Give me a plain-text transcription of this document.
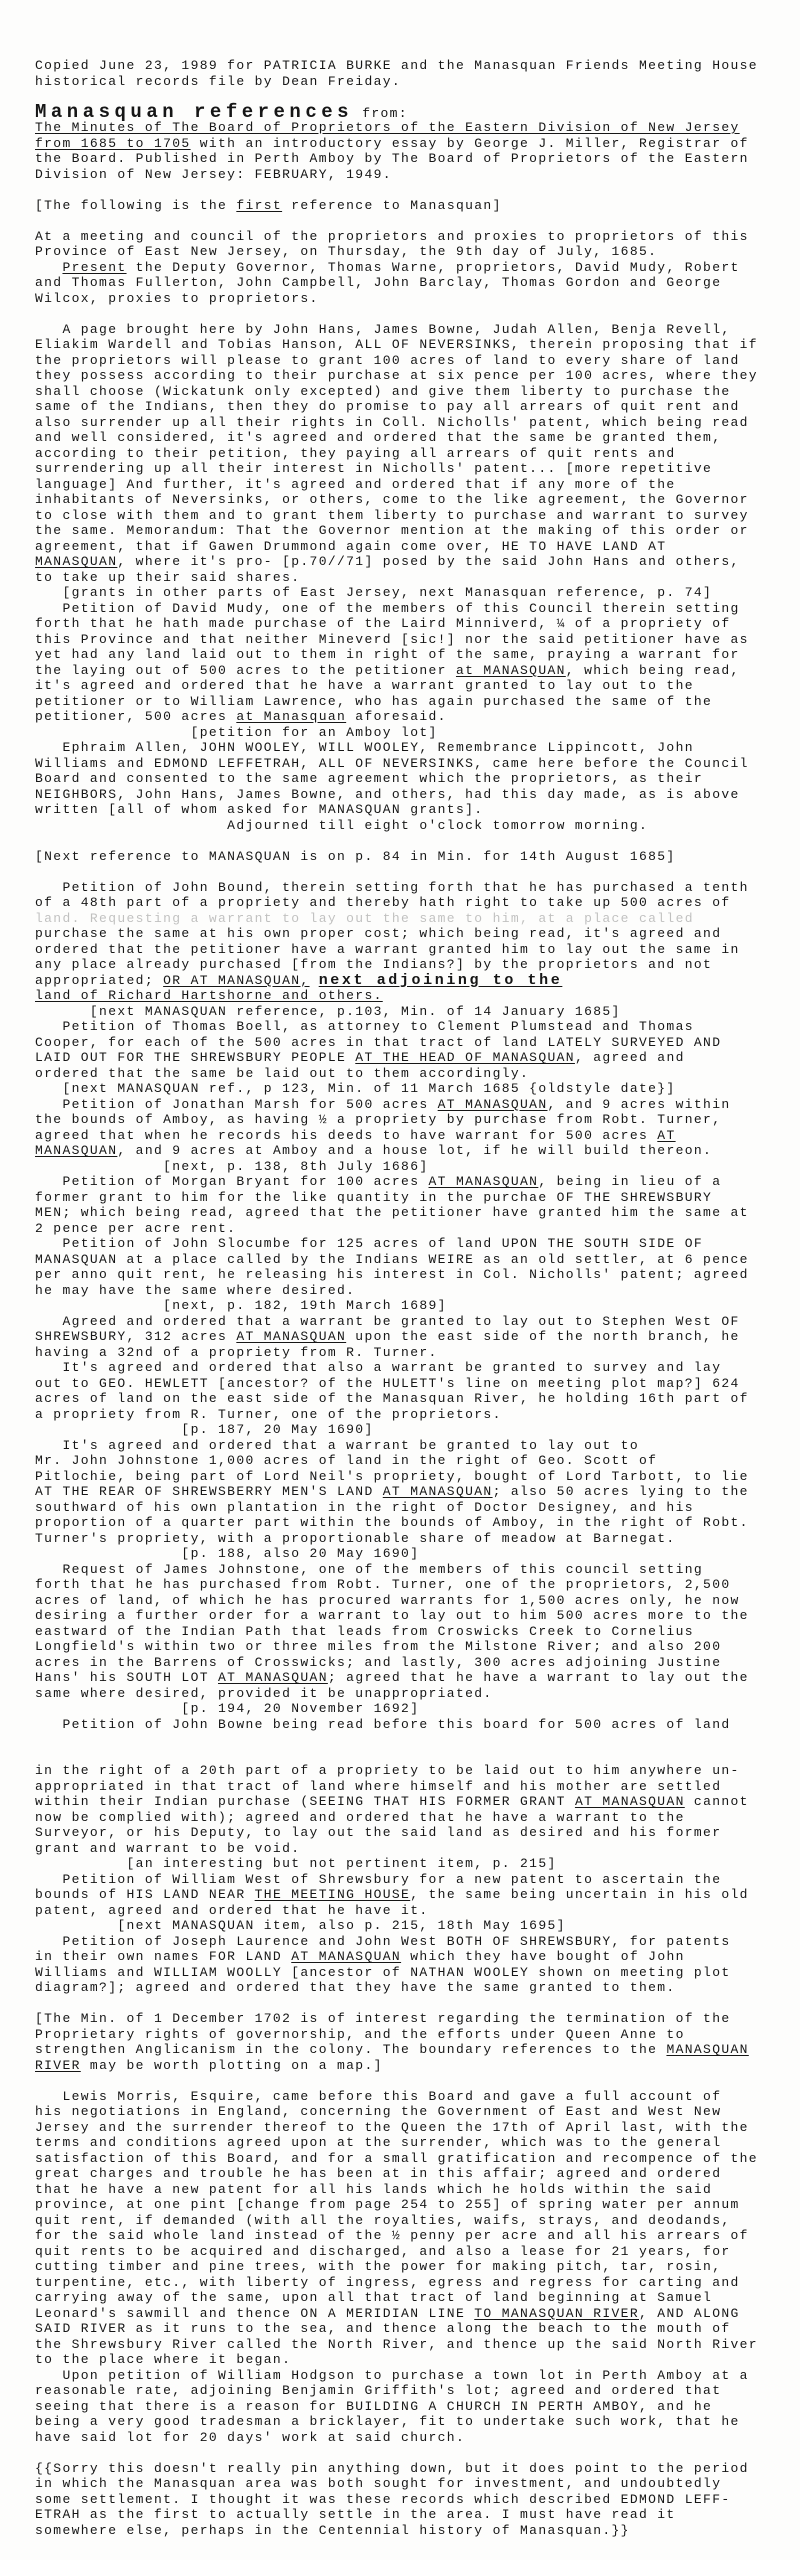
Copied June 23, 1989 for PATRICIA BURKE and the Manasquan Friends Meeting House
historical records file by Dean Freiday.
Manasquan references from:
The Minutes of The Board of Proprietors of the Eastern Division of New Jersey
from 1685 to 1705 with an introductory essay by George J. Miller, Registrar of
the Board. Published in Perth Amboy by The Board of Proprietors of the Eastern
Division of New Jersey: FEBRUARY, 1949.
[The following is the first reference to Manasquan]
At a meeting and council of the proprietors and proxies to proprietors of this
Province of East New Jersey, on Thursday, the 9th day of July, 1685.
Present the Deputy Governor, Thomas Warne, proprietors, David Mudy, Robert
and Thomas Fullerton, John Campbell, John Barclay, Thomas Gordon and George
Wilcox, proxies to proprietors.
A page brought here by John Hans, James Bowne, Judah Allen, Benja Revell,
Eliakim Wardell and Tobias Hanson, ALL OF NEVERSINKS, therein proposing that if
the proprietors will please to grant 100 acres of land to every share of land
they possess according to their purchase at six pence per 100 acres, where they
shall choose (Wickatunk only excepted) and give them liberty to purchase the
same of the Indians, then they do promise to pay all arrears of quit rent and
also surrender up all their rights in Coll. Nicholls' patent, which being read
and well considered, it's agreed and ordered that the same be granted them,
according to their petition, they paying all arrears of quit rents and
surrendering up all their interest in Nicholls' patent... [more repetitive
language] And further, it's agreed and ordered that if any more of the
inhabitants of Neversinks, or others, come to the like agreement, the Governor
to close with them and to grant them liberty to purchase and warrant to survey
the same. Memorandum: That the Governor mention at the making of this order or
agreement, that if Gawen Drummond again come over, HE TO HAVE LAND AT
MANASQUAN, where it's pro- [p.70//71] posed by the said John Hans and others,
to take up their said shares.
[grants in other parts of East Jersey, next Manasquan reference, p. 74]
Petition of David Mudy, one of the members of this Council therein setting
forth that he hath made purchase of the Laird Minniverd, ¼ of a propriety of
this Province and that neither Mineverd [sic!] nor the said petitioner have as
yet had any land laid out to them in right of the same, praying a warrant for
the laying out of 500 acres to the petitioner at MANASQUAN, which being read,
it's agreed and ordered that he have a warrant granted to lay out to the
petitioner or to William Lawrence, who has again purchased the same of the
petitioner, 500 acres at Manasquan aforesaid.
[petition for an Amboy lot]
Ephraim Allen, JOHN WOOLEY, WILL WOOLEY, Remembrance Lippincott, John
Williams and EDMOND LEFFETRAH, ALL OF NEVERSINKS, came here before the Council
Board and consented to the same agreement which the proprietors, as their
NEIGHBORS, John Hans, James Bowne, and others, had this day made, as is above
written [all of whom asked for MANASQUAN grants].
Adjourned till eight o'clock tomorrow morning.
[Next reference to MANASQUAN is on p. 84 in Min. for 14th August 1685]
Petition of John Bound, therein setting forth that he has purchased a tenth
of a 48th part of a propriety and thereby hath right to take up 500 acres of
land. Requesting a warrant to lay out the same to him, at a place called
purchase the same at his own proper cost; which being read, it's agreed and
ordered that the petitioner have a warrant granted him to lay out the same in
any place already purchased [from the Indians?] by the proprietors and not
appropriated; OR AT MANASQUAN, next adjoining to the
land of Richard Hartshorne and others.
[next MANASQUAN reference, p.103, Min. of 14 January 1685]
Petition of Thomas Boell, as attorney to Clement Plumstead and Thomas
Cooper, for each of the 500 acres in that tract of land LATELY SURVEYED AND
LAID OUT FOR THE SHREWSBURY PEOPLE AT THE HEAD OF MANASQUAN, agreed and
ordered that the same be laid out to them accordingly.
[next MANASQUAN ref., p 123, Min. of 11 March 1685 {oldstyle date}]
Petition of Jonathan Marsh for 500 acres AT MANASQUAN, and 9 acres within
the bounds of Amboy, as having ½ a propriety by purchase from Robt. Turner,
agreed that when he records his deeds to have warrant for 500 acres AT
MANASQUAN, and 9 acres at Amboy and a house lot, if he will build thereon.
[next, p. 138, 8th July 1686]
Petition of Morgan Bryant for 100 acres AT MANASQUAN, being in lieu of a
former grant to him for the like quantity in the purchae OF THE SHREWSBURY
MEN; which being read, agreed that the petitioner have granted him the same at
2 pence per acre rent.
Petition of John Slocumbe for 125 acres of land UPON THE SOUTH SIDE OF
MANASQUAN at a place called by the Indians WEIRE as an old settler, at 6 pence
per anno quit rent, he releasing his interest in Col. Nicholls' patent; agreed
he may have the same where desired.
[next, p. 182, 19th March 1689]
Agreed and ordered that a warrant be granted to lay out to Stephen West OF
SHREWSBURY, 312 acres AT MANASQUAN upon the east side of the north branch, he
having a 32nd of a propriety from R. Turner.
It's agreed and ordered that also a warrant be granted to survey and lay
out to GEO. HEWLETT [ancestor? of the HULETT's line on meeting plot map?] 624
acres of land on the east side of the Manasquan River, he holding 16th part of
a propriety from R. Turner, one of the proprietors.
[p. 187, 20 May 1690]
It's agreed and ordered that a warrant be granted to lay out to
Mr. John Johnstone 1,000 acres of land in the right of Geo. Scott of
Pitlochie, being part of Lord Neil's propriety, bought of Lord Tarbott, to lie
AT THE REAR OF SHREWSBERRY MEN'S LAND AT MANASQUAN; also 50 acres lying to the
southward of his own plantation in the right of Doctor Designey, and his
proportion of a quarter part within the bounds of Amboy, in the right of Robt.
Turner's propriety, with a proportionable share of meadow at Barnegat.
[p. 188, also 20 May 1690]
Request of James Johnstone, one of the members of this council setting
forth that he has purchased from Robt. Turner, one of the proprietors, 2,500
acres of land, of which he has procured warrants for 1,500 acres only, he now
desiring a further order for a warrant to lay out to him 500 acres more to the
eastward of the Indian Path that leads from Croswicks Creek to Cornelius
Longfield's within two or three miles from the Milstone River; and also 200
acres in the Barrens of Crosswicks; and lastly, 300 acres adjoining Justine
Hans' his SOUTH LOT AT MANASQUAN; agreed that he have a warrant to lay out the
same where desired, provided it be unappropriated.
[p. 194, 20 November 1692]
Petition of John Bowne being read before this board for 500 acres of land
in the right of a 20th part of a propriety to be laid out to him anywhere un-
appropriated in that tract of land where himself and his mother are settled
within their Indian purchase (SEEING THAT HIS FORMER GRANT AT MANASQUAN cannot
now be complied with); agreed and ordered that he have a warrant to the
Surveyor, or his Deputy, to lay out the said land as desired and his former
grant and warrant to be void.
[an interesting but not pertinent item, p. 215]
Petition of William West of Shrewsbury for a new patent to ascertain the
bounds of HIS LAND NEAR THE MEETING HOUSE, the same being uncertain in his old
patent, agreed and ordered that he have it.
[next MANASQUAN item, also p. 215, 18th May 1695]
Petition of Joseph Laurence and John West BOTH OF SHREWSBURY, for patents
in their own names FOR LAND AT MANASQUAN which they have bought of John
Williams and WILLIAM WOOLLY [ancestor of NATHAN WOOLEY shown on meeting plot
diagram?]; agreed and ordered that they have the same granted to them.
[The Min. of 1 December 1702 is of interest regarding the termination of the
Proprietary rights of governorship, and the efforts under Queen Anne to
strengthen Anglicanism in the colony. The boundary references to the MANASQUAN
RIVER may be worth plotting on a map.]
Lewis Morris, Esquire, came before this Board and gave a full account of
his negotiations in England, concerning the Government of East and West New
Jersey and the surrender thereof to the Queen the 17th of April last, with the
terms and conditions agreed upon at the surrender, which was to the general
satisfaction of this Board, and for a small gratification and recompence of the
great charges and trouble he has been at in this affair; agreed and ordered
that he have a new patent for all his lands which he holds within the said
province, at one pint [change from page 254 to 255] of spring water per annum
quit rent, if demanded (with all the royalties, waifs, strays, and deodands,
for the said whole land instead of the ½ penny per acre and all his arrears of
quit rents to be acquired and discharged, and also a lease for 21 years, for
cutting timber and pine trees, with the power for making pitch, tar, rosin,
turpentine, etc., with liberty of ingress, egress and regress for carting and
carrying away of the same, upon all that tract of land beginning at Samuel
Leonard's sawmill and thence ON A MERIDIAN LINE TO MANASQUAN RIVER, AND ALONG
SAID RIVER as it runs to the sea, and thence along the beach to the mouth of
the Shrewsbury River called the North River, and thence up the said North River
to the place where it began.
Upon petition of William Hodgson to purchase a town lot in Perth Amboy at a
reasonable rate, adjoining Benjamin Griffith's lot; agreed and ordered that
seeing that there is a reason for BUILDING A CHURCH IN PERTH AMBOY, and he
being a very good tradesman a bricklayer, fit to undertake such work, that he
have said lot for 20 days' work at said church.
{{Sorry this doesn't really pin anything down, but it does point to the period
in which the Manasquan area was both sought for investment, and undoubtedly
some settlement. I thought it was these records which described EDMOND LEFF-
ETRAH as the first to actually settle in the area. I must have read it
somewhere else, perhaps in the Centennial history of Manasquan.}}
